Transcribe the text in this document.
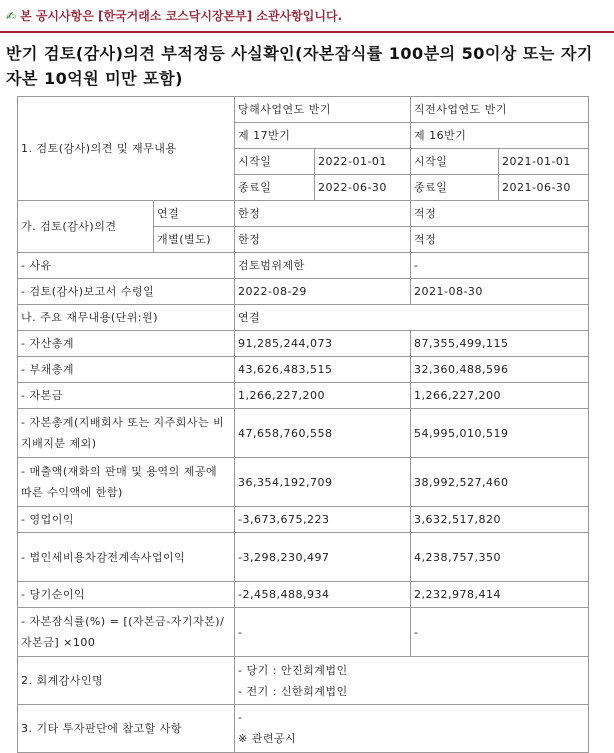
✍ 본 공시사항은 [한국거래소 코스닥시장본부] 소관사항입니다.
반기 검토(감사)의견 부적정등 사실확인(자본잠식률 100분의 50이상 또는 자기자본 10억원 미만 포함)
1. 검토(감사)의견 및 재무내용		당해사업연도 반기		직전사업연도 반기	
		제 17반기		제 16반기	
		시작일	2022-01-01	시작일	2021-01-01
		종료일	2022-06-30	종료일	2021-06-30
가. 검토(감사)의견	연결	한정		적정	
	개별(별도)	한정		적정	
- 사유		검토범위제한		-	
- 검토(감사)보고서 수령일		2022-08-29		2021-08-30	
나. 주요 재무내용(단위:원)		연결			
- 자산총계		91,285,244,073		87,355,499,115	
- 부채총계		43,626,483,515		32,360,488,596	
- 자본금		1,266,227,200		1,266,227,200	
- 자본총계(지배회사 또는 지주회사는 비지배지분 제외)		47,658,760,558		54,995,010,519	
- 매출액(재화의 판매 및 용역의 제공에 따른 수익액에 한함)		36,354,192,709		38,992,527,460	
- 영업이익		-3,673,675,223		3,632,517,820	
- 법인세비용차감전계속사업이익		-3,298,230,497		4,238,757,350	
- 당기순이익		-2,458,488,934		2,232,978,414	
- 자본잠식률(%) = [(자본금-자기자본)/자본금] ×100		-		-	
2. 회계감사인명		- 당기 : 안진회계법인
- 전기 : 신한회계법인			

3. 기타 투자판단에 참고할 사항		-
※ 관련공시			
